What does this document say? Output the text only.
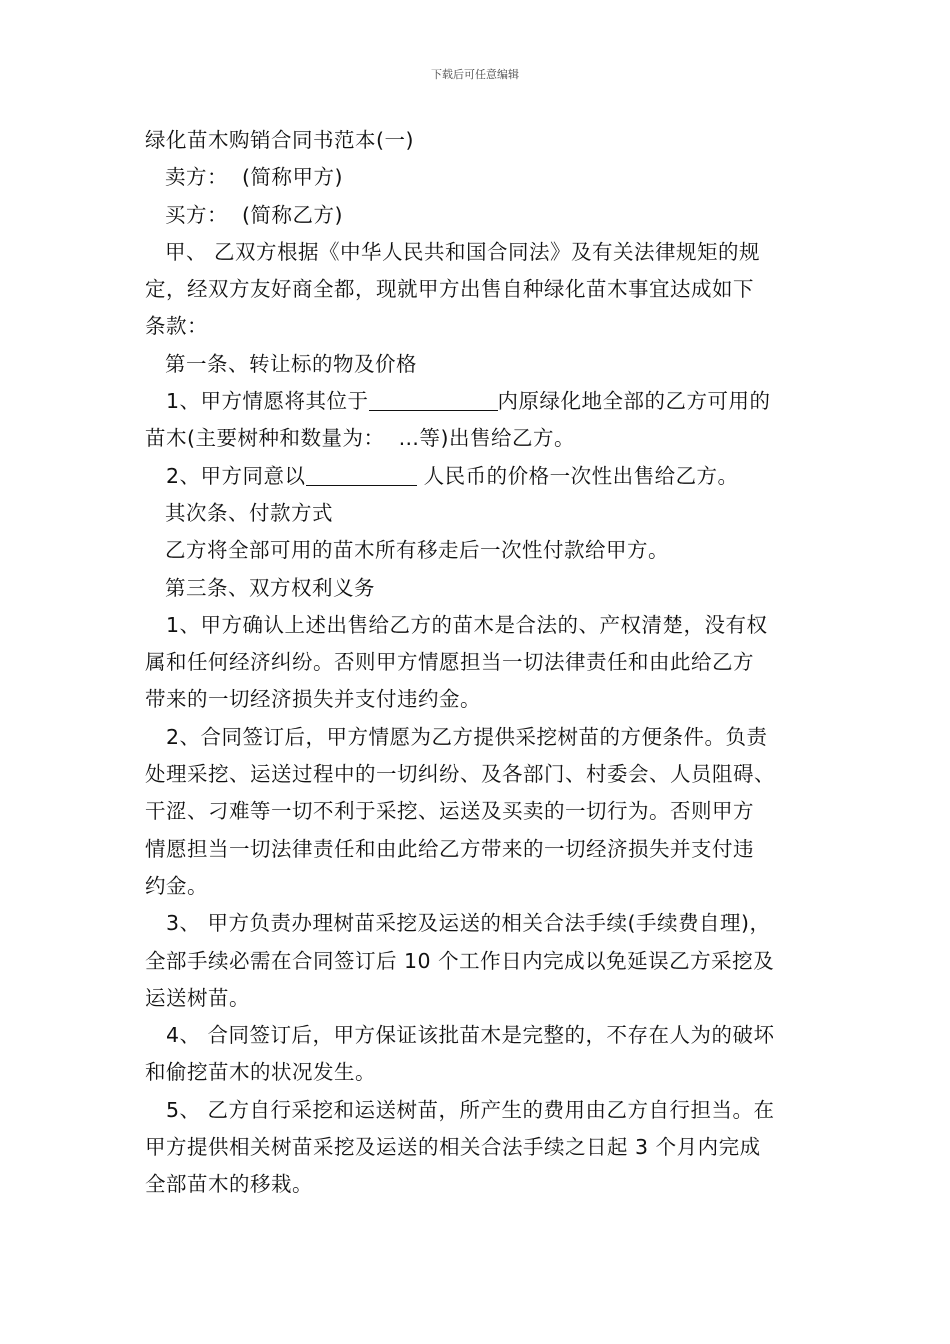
下载后可任意编辑
绿化苗木购销合同书范本(一)
卖方：  (简称甲方)
买方：  (简称乙方)
甲、 乙双方根据《中华人民共和国合同法》及有关法律规矩的规
定，经双方友好商全都，现就甲方出售自种绿化苗木事宜达成如下
条款：
第一条、转让标的物及价格
1、甲方情愿将其位于	内原绿化地全部的乙方可用的
苗木(主要树种和数量为：  …等)出售给乙方。
2、甲方同意以	人民币的价格一次性出售给乙方。
其次条、付款方式
乙方将全部可用的苗木所有移走后一次性付款给甲方。
第三条、双方权利义务
1、甲方确认上述出售给乙方的苗木是合法的、产权清楚，没有权
属和任何经济纠纷。否则甲方情愿担当一切法律责任和由此给乙方
带来的一切经济损失并支付违约金。
2、合同签订后，甲方情愿为乙方提供采挖树苗的方便条件。负责
处理采挖、运送过程中的一切纠纷、及各部门、村委会、人员阻碍、
干涩、刁难等一切不利于采挖、运送及买卖的一切行为。否则甲方
情愿担当一切法律责任和由此给乙方带来的一切经济损失并支付违
约金。
3、 甲方负责办理树苗采挖及运送的相关合法手续(手续费自理)，
全部手续必需在合同签订后 10 个工作日内完成以免延误乙方采挖及
运送树苗。
4、 合同签订后，甲方保证该批苗木是完整的，不存在人为的破坏
和偷挖苗木的状况发生。
5、 乙方自行采挖和运送树苗，所产生的费用由乙方自行担当。在
甲方提供相关树苗采挖及运送的相关合法手续之日起 3 个月内完成
全部苗木的移栽。
